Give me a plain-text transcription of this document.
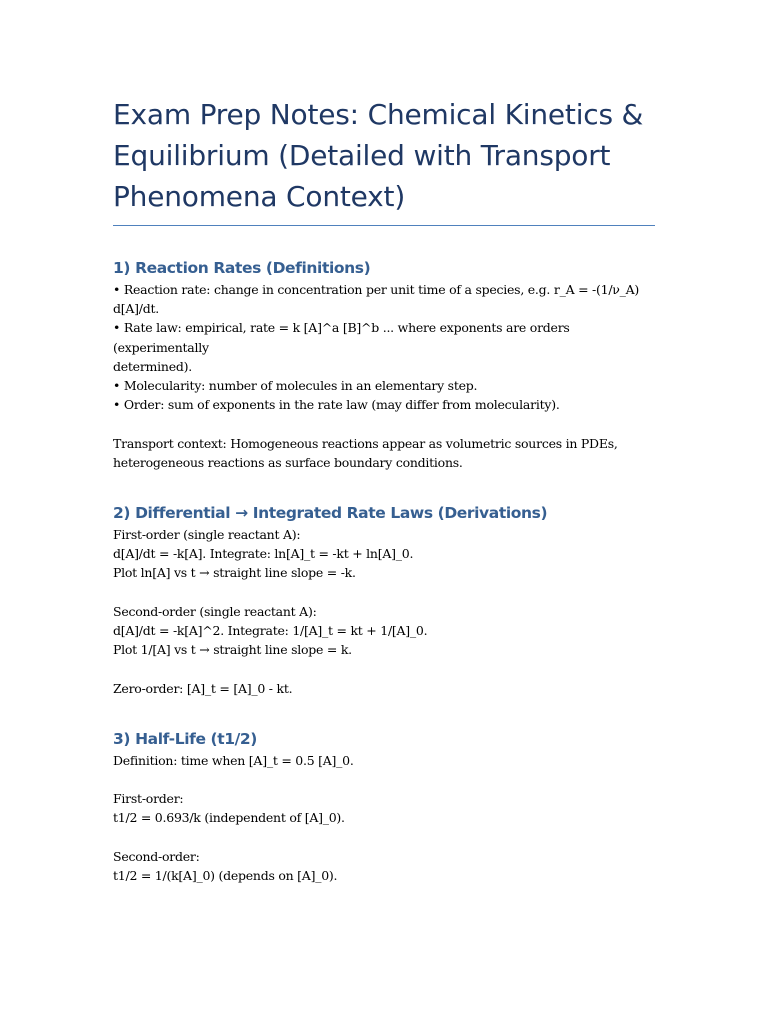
Exam Prep Notes: Chemical Kinetics & Equilibrium (Detailed with Transport Phenomena Context)
1) Reaction Rates (Definitions)
• Reaction rate: change in concentration per unit time of a species, e.g. r_A = -(1/ν_A)
d[A]/dt.
• Rate law: empirical, rate = k [A]^a [B]^b ... where exponents are orders (experimentally
determined).
• Molecularity: number of molecules in an elementary step.
• Order: sum of exponents in the rate law (may differ from molecularity).
Transport context: Homogeneous reactions appear as volumetric sources in PDEs,
heterogeneous reactions as surface boundary conditions.
2) Differential → Integrated Rate Laws (Derivations)
First-order (single reactant A):
d[A]/dt = -k[A]. Integrate: ln[A]_t = -kt + ln[A]_0.
Plot ln[A] vs t → straight line slope = -k.
Second-order (single reactant A):
d[A]/dt = -k[A]^2. Integrate: 1/[A]_t = kt + 1/[A]_0.
Plot 1/[A] vs t → straight line slope = k.
Zero-order: [A]_t = [A]_0 - kt.
3) Half-Life (t1/2)
Definition: time when [A]_t = 0.5 [A]_0.
First-order:
t1/2 = 0.693/k (independent of [A]_0).
Second-order:
t1/2 = 1/(k[A]_0) (depends on [A]_0).
